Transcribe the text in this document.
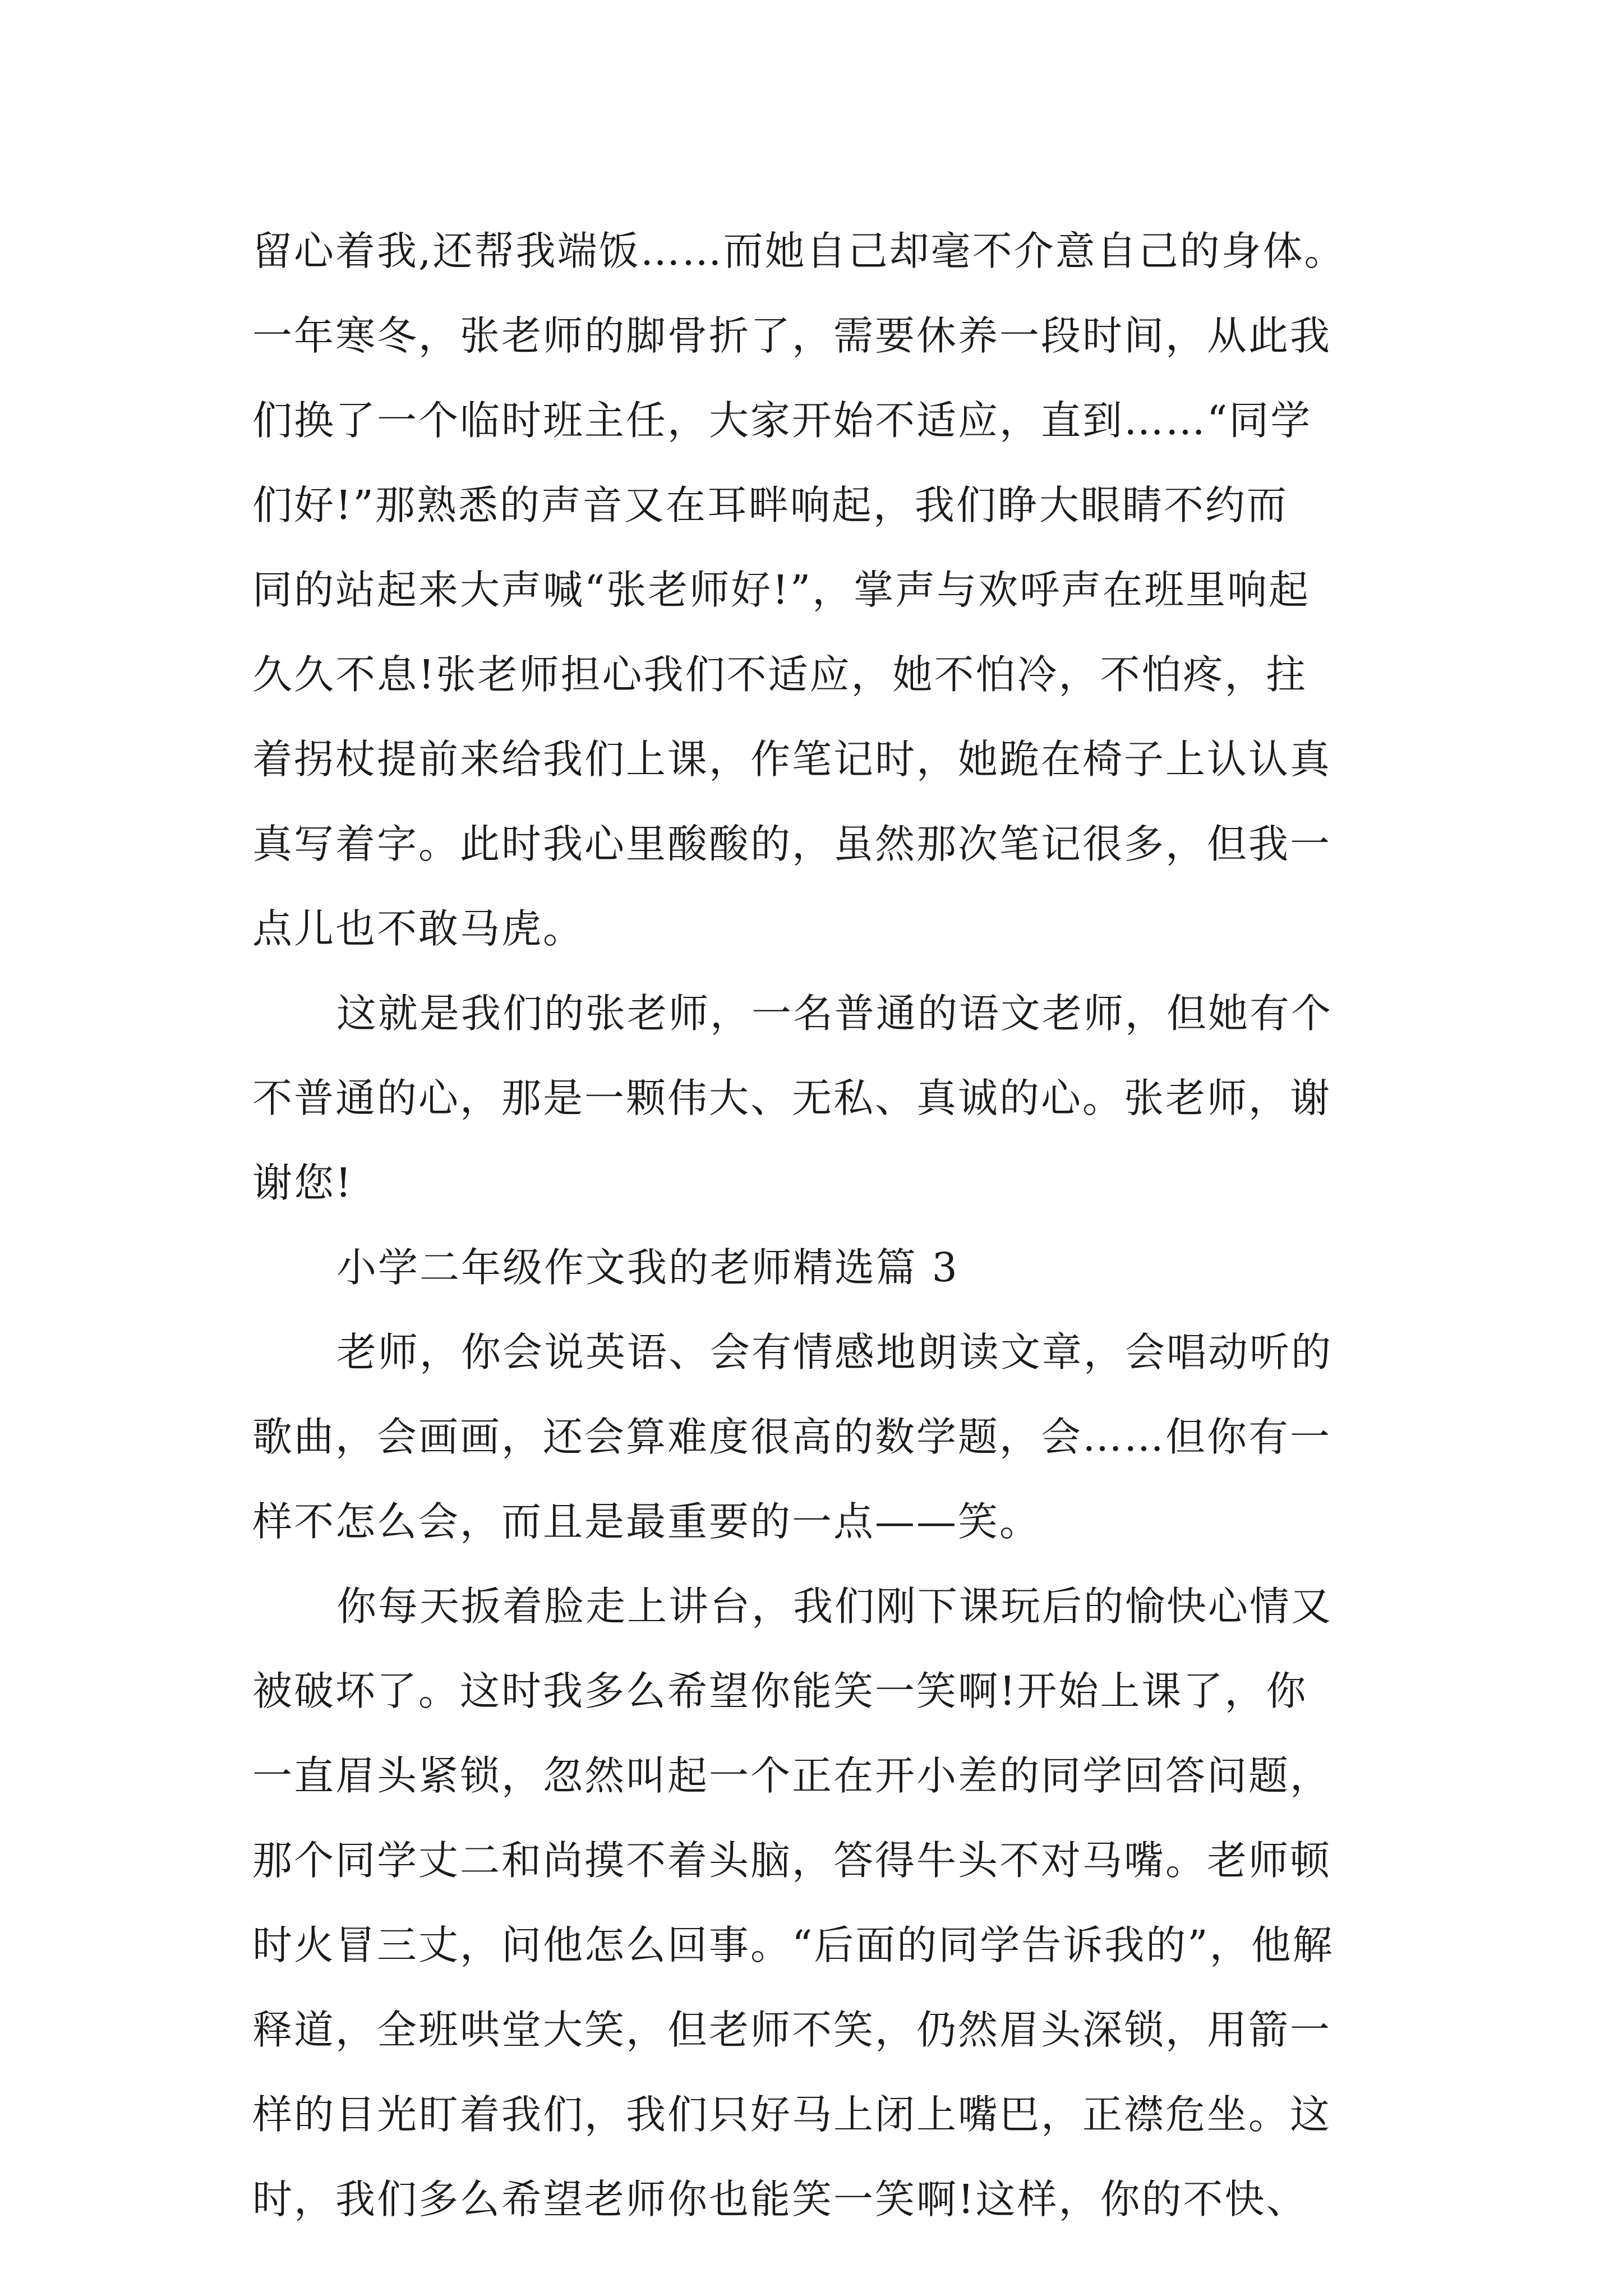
留心着我,还帮我端饭……而她自己却毫不介意自己的身体。
一年寒冬，张老师的脚骨折了，需要休养一段时间，从此我
们换了一个临时班主任，大家开始不适应，直到……“同学
们好!”那熟悉的声音又在耳畔响起，我们睁大眼睛不约而
同的站起来大声喊“张老师好!”，掌声与欢呼声在班里响起
久久不息!张老师担心我们不适应，她不怕冷，不怕疼，拄
着拐杖提前来给我们上课，作笔记时，她跪在椅子上认认真
真写着字。此时我心里酸酸的，虽然那次笔记很多，但我一
点儿也不敢马虎。
这就是我们的张老师，一名普通的语文老师，但她有个
不普通的心，那是一颗伟大、无私、真诚的心。张老师，谢
谢您!
小学二年级作文我的老师精选篇 3
老师，你会说英语、会有情感地朗读文章，会唱动听的
歌曲，会画画，还会算难度很高的数学题，会……但你有一
样不怎么会，而且是最重要的一点——笑。
你每天扳着脸走上讲台，我们刚下课玩后的愉快心情又
被破坏了。这时我多么希望你能笑一笑啊!开始上课了，你
一直眉头紧锁，忽然叫起一个正在开小差的同学回答问题，
那个同学丈二和尚摸不着头脑，答得牛头不对马嘴。老师顿
时火冒三丈，问他怎么回事。“后面的同学告诉我的”，他解
释道，全班哄堂大笑，但老师不笑，仍然眉头深锁，用箭一
样的目光盯着我们，我们只好马上闭上嘴巴，正襟危坐。这
时，我们多么希望老师你也能笑一笑啊!这样，你的不快、
